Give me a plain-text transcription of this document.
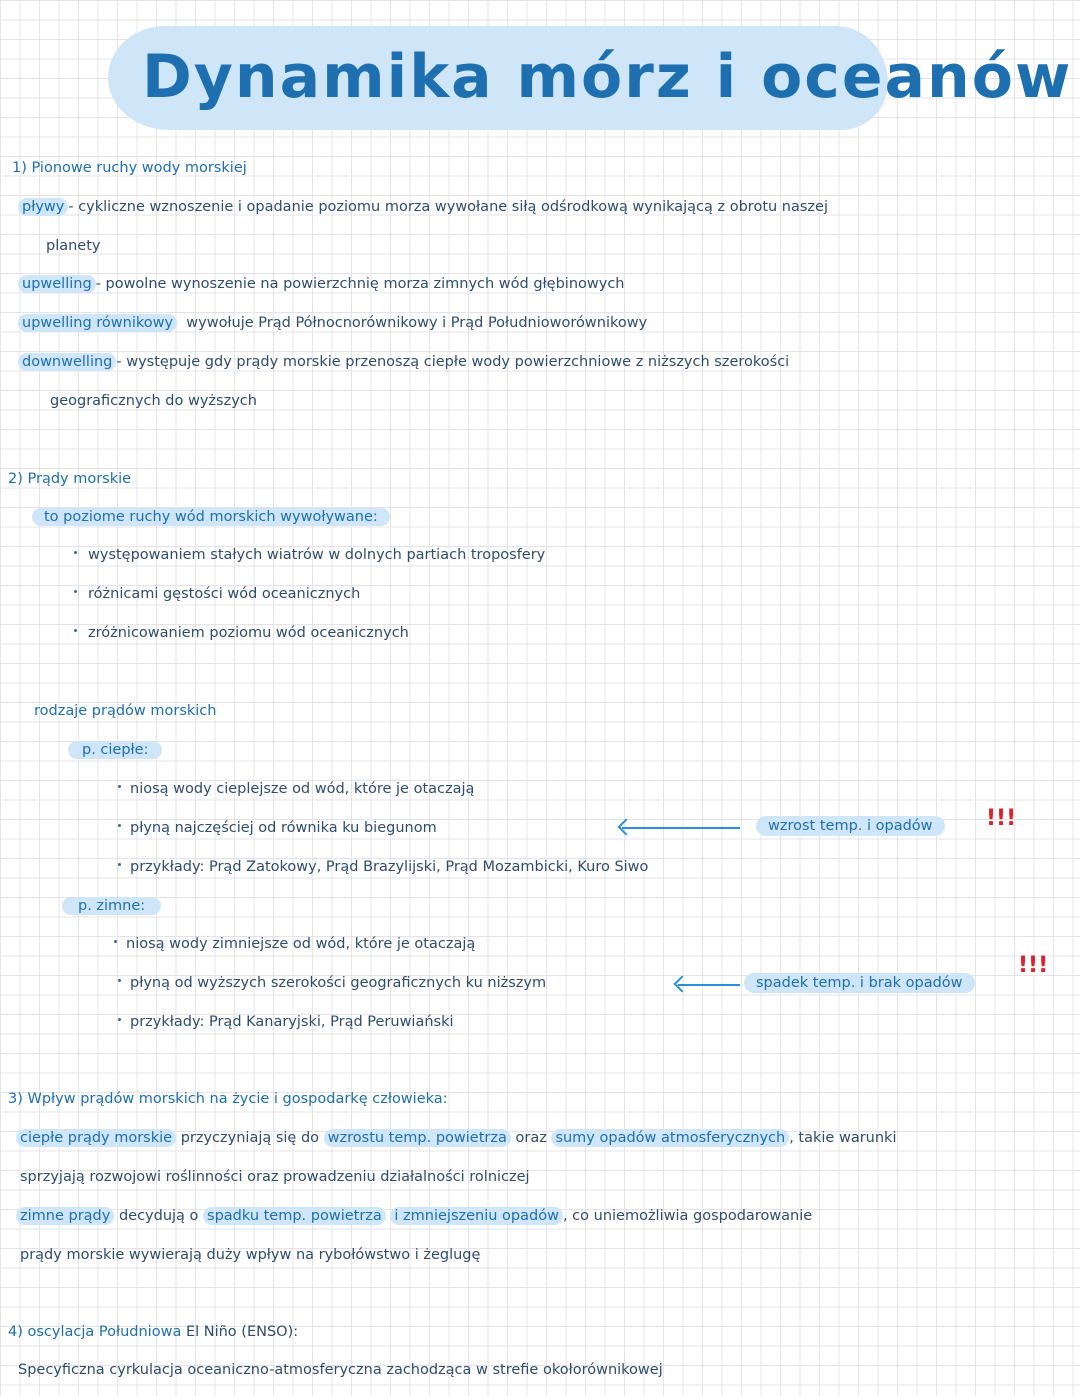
Dynamika mórz i oceanów
1) Pionowe ruchy wody morskiej
pływy - cykliczne wznoszenie i opadanie poziomu morza wywołane siłą odśrodkową wynikającą z obrotu naszej
planety
upwelling - powolne wynoszenie na powierzchnię morza zimnych wód głębinowych
upwelling równikowy wywołuje Prąd Północnorównikowy i Prąd Południoworównikowy
downwelling - występuje gdy prądy morskie przenoszą ciepłe wody powierzchniowe z niższych szerokości
geograficznych do wyższych
2) Prądy morskie
to poziome ruchy wód morskich wywoływane:
występowaniem stałych wiatrów w dolnych partiach troposfery
różnicami gęstości wód oceanicznych
zróżnicowaniem poziomu wód oceanicznych
rodzaje prądów morskich
p. ciepłe:
niosą wody cieplejsze od wód, które je otaczają
płyną najczęściej od równika ku biegunom
przykłady: Prąd Zatokowy, Prąd Brazylijski, Prąd Mozambicki, Kuro Siwo
wzrost temp. i opadów	!!!
p. zimne:
niosą wody zimniejsze od wód, które je otaczają
płyną od wyższych szerokości geograficznych ku niższym
przykłady: Prąd Kanaryjski, Prąd Peruwiański
spadek temp. i brak opadów
!!!
3) Wpływ prądów morskich na życie i gospodarkę człowieka:
ciepłe prądy morskie przyczyniają się do wzrostu temp. powietrza oraz sumy opadów atmosferycznych , takie warunki
sprzyjają rozwojowi roślinności oraz prowadzeniu działalności rolniczej
zimne prądy decydują o spadku temp. powietrza i zmniejszeniu opadów , co uniemożliwia gospodarowanie
prądy morskie wywierają duży wpływ na rybołówstwo i żeglugę
4) oscylacja Południowa El Niño (ENSO):
Specyficzna cyrkulacja oceaniczno-atmosferyczna zachodząca w strefie okołorównikowej
